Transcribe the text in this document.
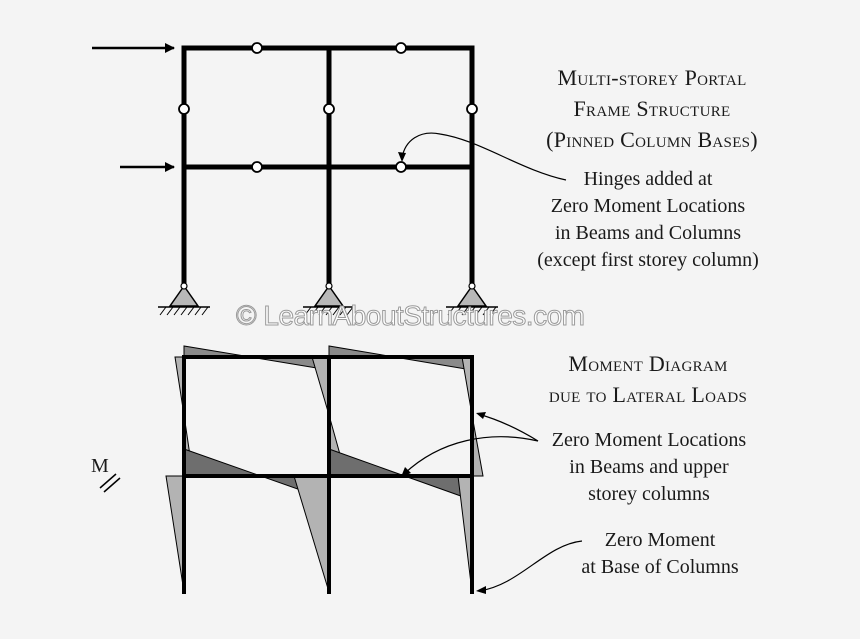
© LearnAboutStructures.com
M
Multi-storey Portal
Frame Structure
(Pinned Column Bases)
Hinges added at
Zero Moment Locations
in Beams and Columns
(except first storey column)
Moment Diagram
due to Lateral Loads
Zero Moment Locations
in Beams and upper
storey columns
Zero Moment
at Base of Columns
